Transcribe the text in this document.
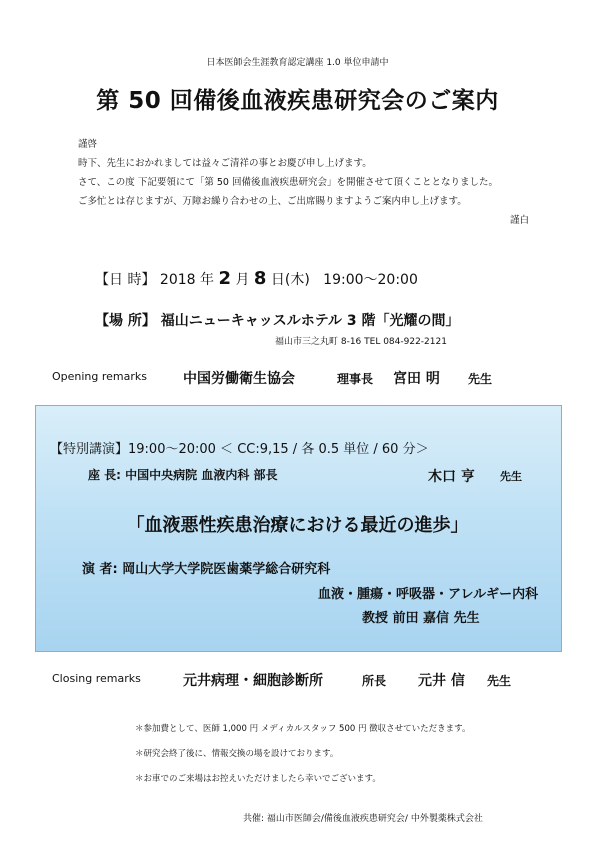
日本医師会生涯教育認定講座 1.0 単位申請中
第 50 回備後血液疾患研究会のご案内
謹啓
時下、先生におかれましては益々ご清祥の事とお慶び申し上げます。
さて、この度 下記要領にて「第 50 回備後血液疾患研究会」を開催させて頂くこととなりました。
ご多忙とは存じますが、万障お繰り合わせの上、ご出席賜りますようご案内申し上げます。
謹白
【日 時】 2018 年 2 月 8 日(木) 19:00～20:00
【場 所】 福山ニューキャッスルホテル 3 階「光耀の間」
福山市三之丸町 8-16 TEL 084-922-2121
Opening remarks	中国労働衛生協会	理事長 宮田 明 先生
【特別講演】19:00～20:00 ＜ CC:9,15 / 各 0.5 単位 / 60 分＞
座 長: 中国中央病院 血液内科 部長	木口 亨 先生
「血液悪性疾患治療における最近の進歩」
演 者: 岡山大学大学院医歯薬学総合研究科
血液・腫瘍・呼吸器・アレルギー内科
教授 前田 嘉信 先生
Closing remarks	元井病理・細胞診断所	所長 元井 信 先生
＊参加費として、医師 1,000 円 メディカルスタッフ 500 円 徴収させていただきます。
＊研究会終了後に、情報交換の場を設けております。
＊お車でのご来場はお控えいただけましたら幸いでございます。
共催: 福山市医師会/備後血液疾患研究会/ 中外製薬株式会社
